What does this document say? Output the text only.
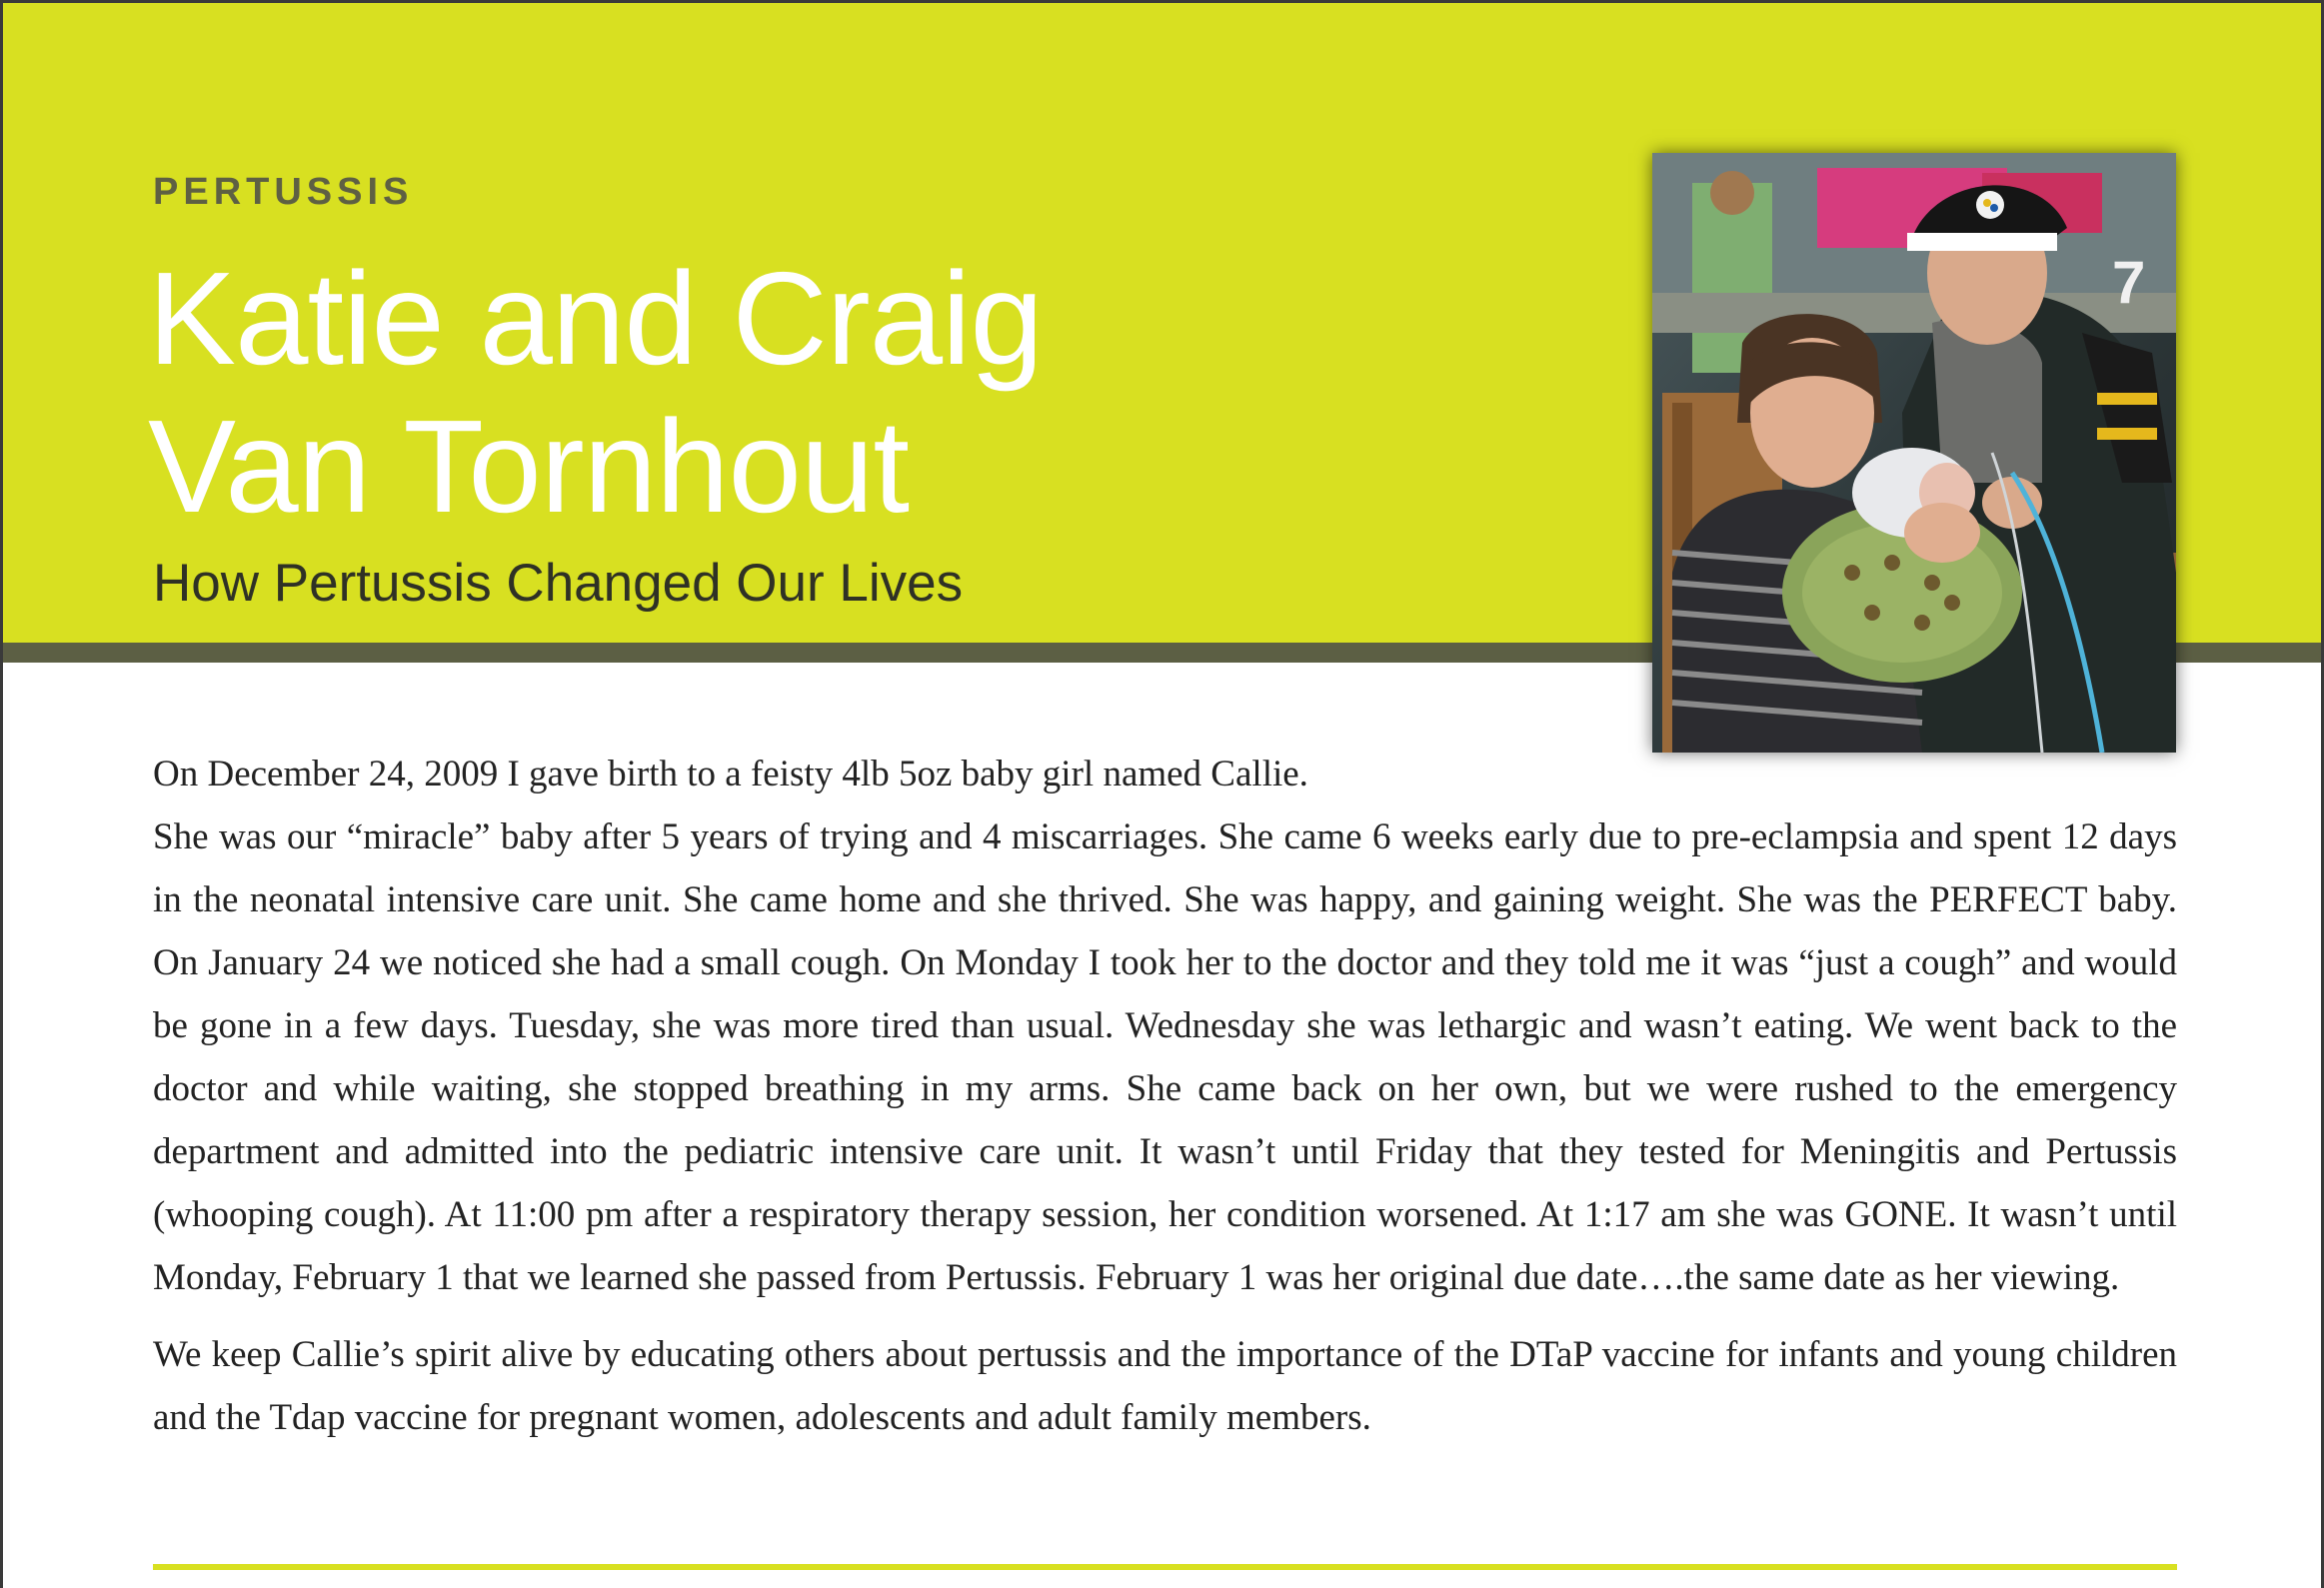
PERTUSSIS
Katie and Craig
Van Tornhout
How Pertussis Changed Our Lives
7

On December 24, 2009 I gave birth to a feisty 4lb 5oz baby girl named Callie.

She was our “miracle” baby after 5 years of trying and 4 miscarriages. She came 6 weeks early due to pre-eclampsia and spent 12 days in the neonatal intensive care unit. She came home and she thrived. She was happy, and gaining weight. She was the PERFECT baby. On January 24 we noticed she had a small cough. On Monday I took her to the doctor and they told me it was “just a cough” and would be gone in a few days. Tuesday, she was more tired than usual. Wednesday she was lethargic and wasn’t eating. We went back to the doctor and while waiting, she stopped breathing in my arms. She came back on her own, but we were rushed to the emergency department and admitted into the pediatric intensive care unit. It wasn’t until Friday that they tested for Meningitis and Pertussis (whooping cough). At 11:00 pm after a respiratory therapy session, her condition worsened. At 1:17 am she was GONE. It wasn’t until Monday, February 1 that we learned she passed from Pertussis. February 1 was her original due date….the same date as her viewing.

We keep Callie’s spirit alive by educating others about pertussis and the importance of the DTaP vaccine for infants and young children and the Tdap vaccine for pregnant women, adolescents and adult family members.
